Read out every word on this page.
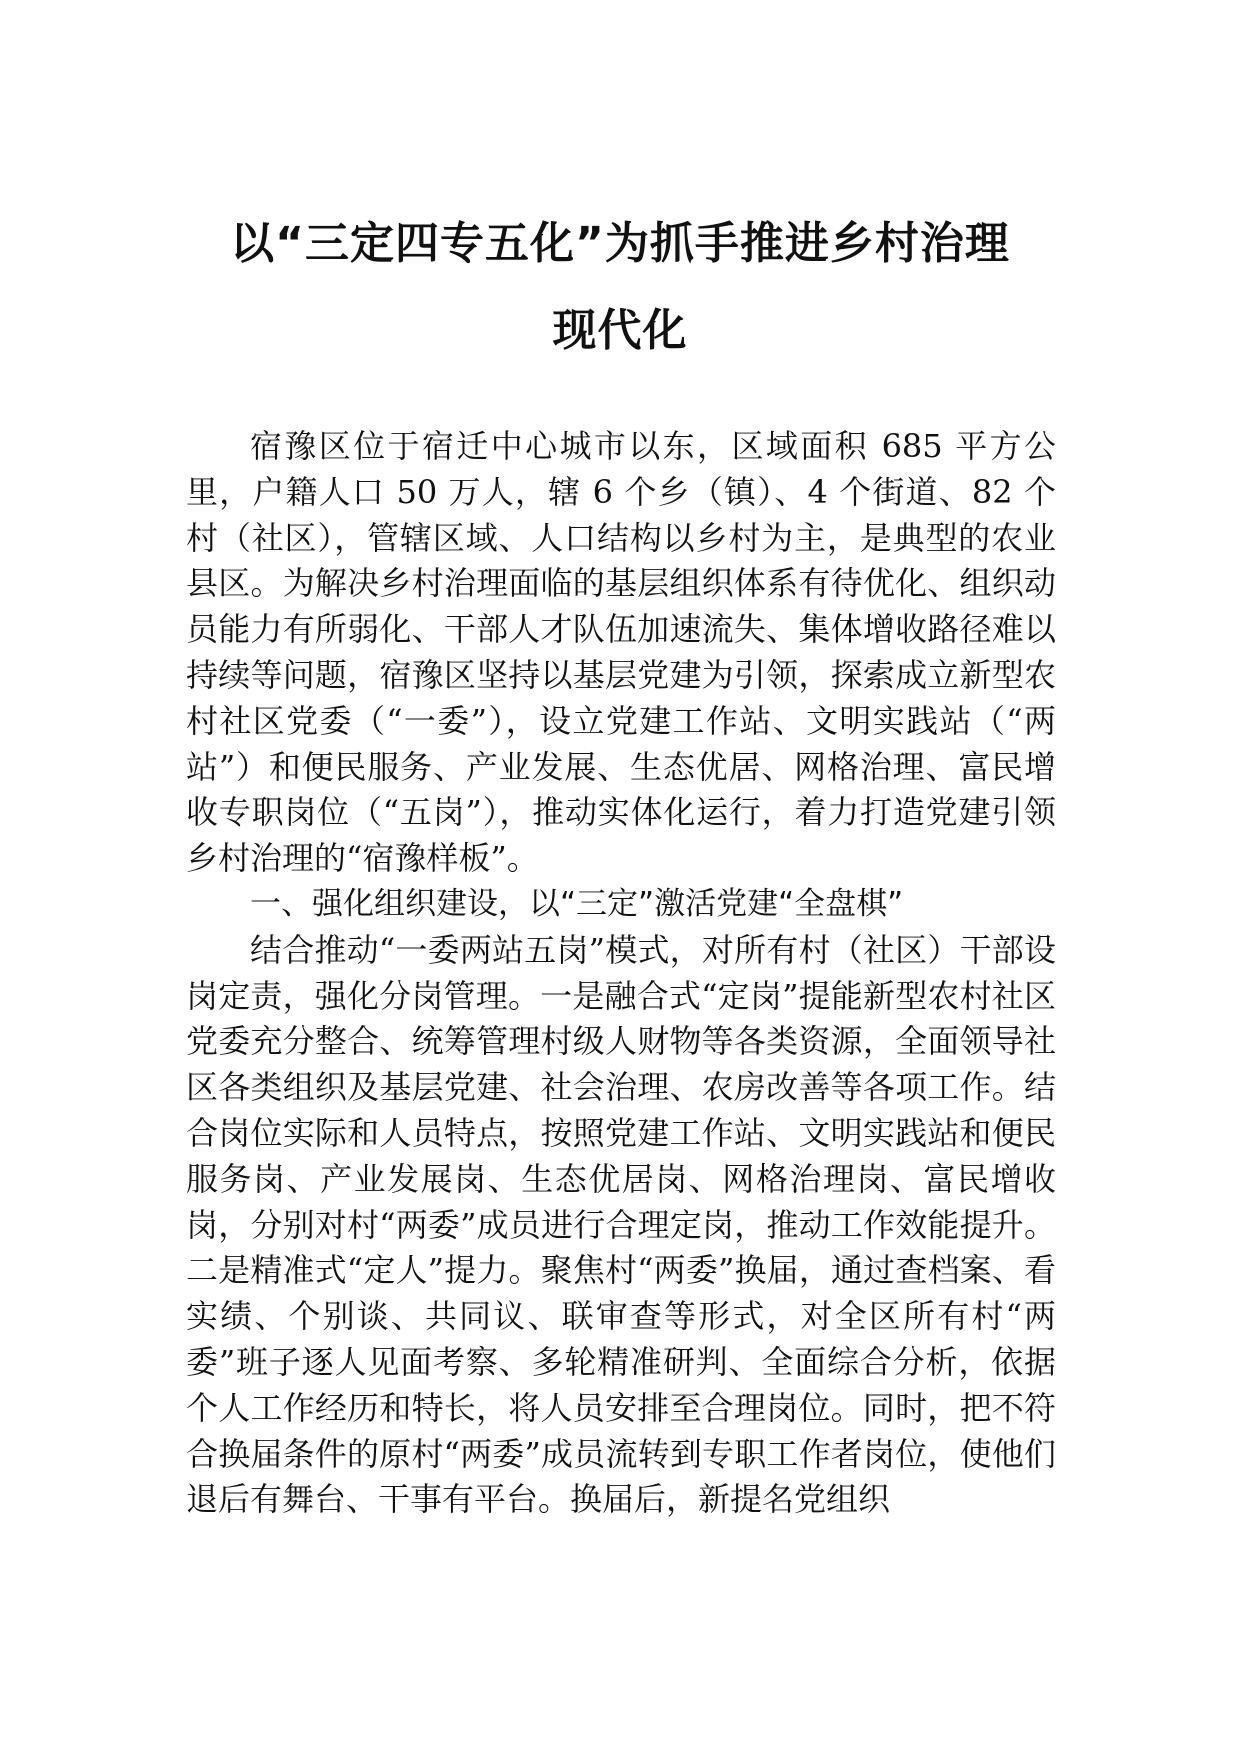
以“三定四专五化”为抓手推进乡村治理
现代化

宿豫区位于宿迁中心城市以东，区域面积 685 平方公里，户籍人口 50 万人，辖 6 个乡（镇）、4 个街道、82 个村（社区），管辖区域、人口结构以乡村为主，是典型的农业县区。为解决乡村治理面临的基层组织体系有待优化、组织动员能力有所弱化、干部人才队伍加速流失、集体增收路径难以持续等问题，宿豫区坚持以基层党建为引领，探索成立新型农村社区党委（“一委”），设立党建工作站、文明实践站（“两站”）和便民服务、产业发展、生态优居、网格治理、富民增收专职岗位（“五岗”），推动实体化运行，着力打造党建引领乡村治理的“宿豫样板”。

一、强化组织建设，以“三定”激活党建“全盘棋”

结合推动“一委两站五岗”模式，对所有村（社区）干部设岗定责，强化分岗管理。一是融合式“定岗”提能新型农村社区党委充分整合、统筹管理村级人财物等各类资源，全面领导社区各类组织及基层党建、社会治理、农房改善等各项工作。结合岗位实际和人员特点，按照党建工作站、文明实践站和便民服务岗、产业发展岗、生态优居岗、网格治理岗、富民增收岗，分别对村“两委”成员进行合理定岗，推动工作效能提升。二是精准式“定人”提力。聚焦村“两委”换届，通过查档案、看实绩、个别谈、共同议、联审查等形式，对全区所有村“两委”班子逐人见面考察、多轮精准研判、全面综合分析，依据个人工作经历和特长，将人员安排至合理岗位。同时，把不符合换届条件的原村“两委”成员流转到专职工作者岗位，使他们退后有舞台、干事有平台。换届后，新提名党组织
